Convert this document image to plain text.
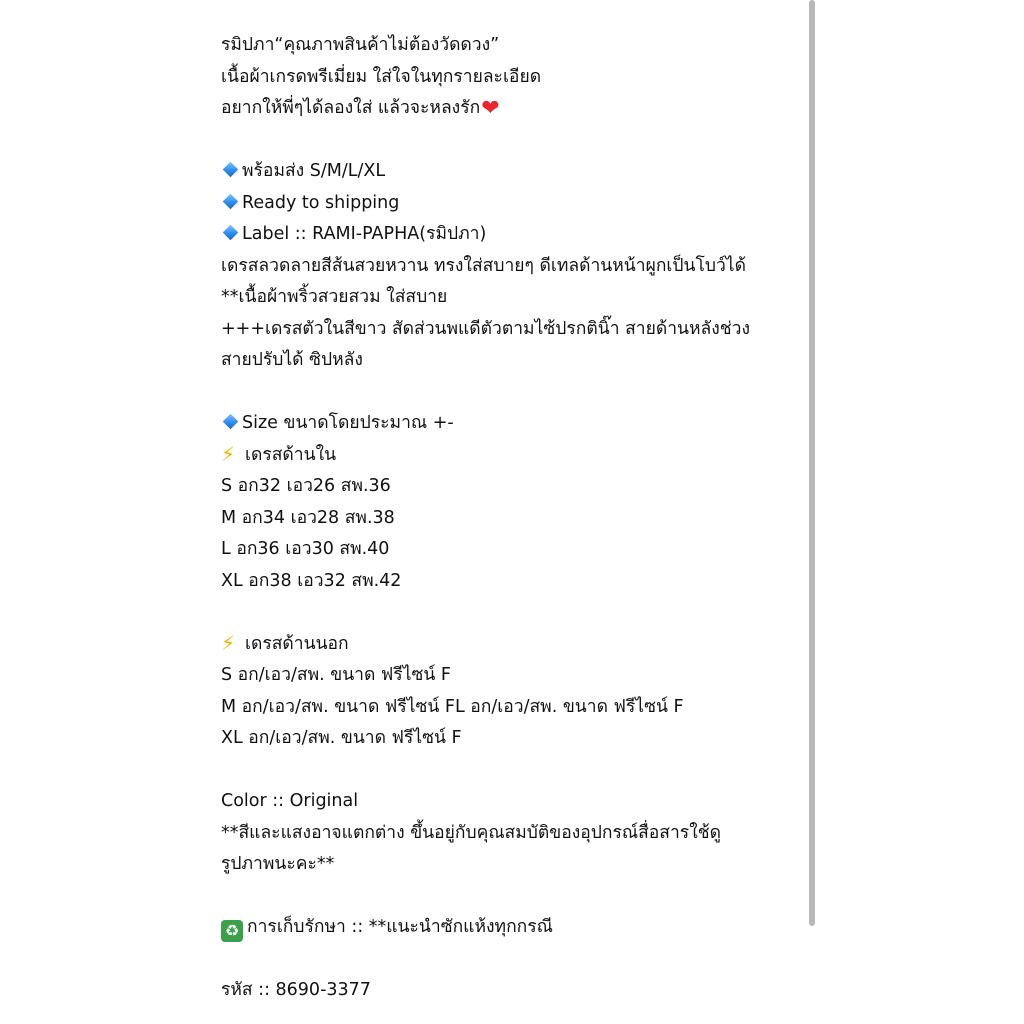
รมิปภา“คุณภาพสินค้าไม่ต้องวัดดวง”
เนื้อผ้าเกรดพรีเมี่ยม ใส่ใจในทุกรายละเอียด
อยากให้พี่ๆได้ลองใส่ แล้วจะหลงรัก❤
พร้อมส่ง S/M/L/XL
Ready to shipping
Label :: RAMI-PAPHA(รมิปภา)
เดรสลวดลายสีส้นสวยหวาน ทรงใส่สบายๆ ดีเทลด้านหน้าผูกเป็นโบว์ได้
**เนื้อผ้าพริ้วสวยสวม ใส่สบาย
+++เดรสตัวในสีขาว สัดส่วนพแดีตัวตามไซ้ปรกตินิ๊า สายด้านหลังช่วง
สายปรับได้ ซิปหลัง
Size ขนาดโดยประมาณ +-
⚡ เดรสด้านใน
S อก32 เอว26 สพ.36
M อก34 เอว28 สพ.38
L อก36 เอว30 สพ.40
XL อก38 เอว32 สพ.42
⚡ เดรสด้านนอก
S อก/เอว/สพ. ขนาด ฟรีไซน์ F
M อก/เอว/สพ. ขนาด ฟรีไซน์ FL อก/เอว/สพ. ขนาด ฟรีไซน์ F
XL อก/เอว/สพ. ขนาด ฟรีไซน์ F
Color :: Original
**สีและแสงอาจแตกต่าง ขึ้นอยู่กับคุณสมบัติของอุปกรณ์สื่อสารใช้ดู
รูปภาพนะคะ**
♻ การเก็บรักษา :: **แนะนำซักแห้งทุกกรณี
รหัส :: 8690-3377
